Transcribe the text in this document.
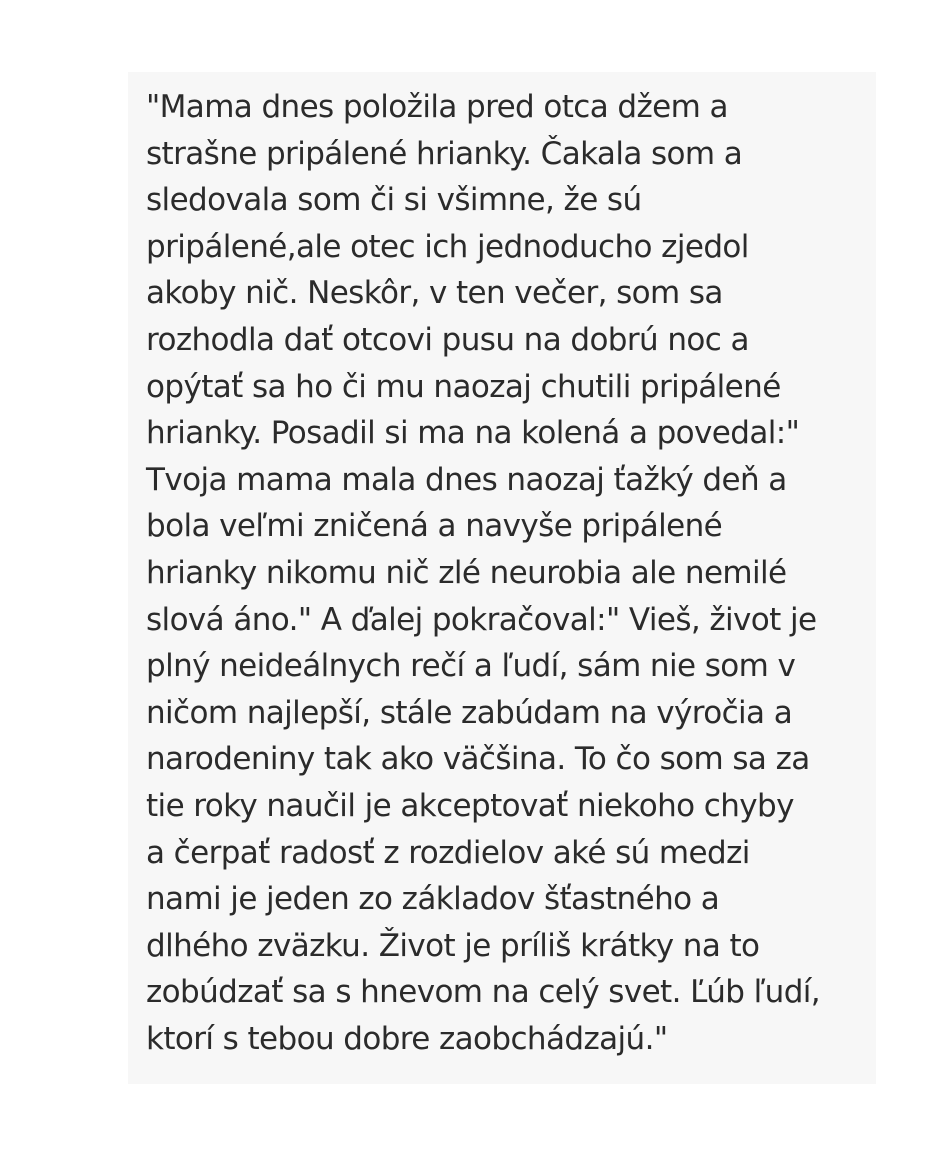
"Mama dnes položila pred otca džem a
strašne pripálené hrianky. Čakala som a
sledovala som či si všimne, že sú
pripálené,ale otec ich jednoducho zjedol
akoby nič. Neskôr, v ten večer, som sa
rozhodla dať otcovi pusu na dobrú noc a
opýtať sa ho či mu naozaj chutili pripálené
hrianky. Posadil si ma na kolená a povedal:"
Tvoja mama mala dnes naozaj ťažký deň a
bola veľmi zničená a navyše pripálené
hrianky nikomu nič zlé neurobia ale nemilé
slová áno." A ďalej pokračoval:" Vieš, život je
plný neideálnych rečí a ľudí, sám nie som v
ničom najlepší, stále zabúdam na výročia a
narodeniny tak ako väčšina. To čo som sa za
tie roky naučil je akceptovať niekoho chyby
a čerpať radosť z rozdielov aké sú medzi
nami je jeden zo základov šťastného a
dlhého zväzku. Život je príliš krátky na to
zobúdzať sa s hnevom na celý svet. Ľúb ľudí,
ktorí s tebou dobre zaobchádzajú."
